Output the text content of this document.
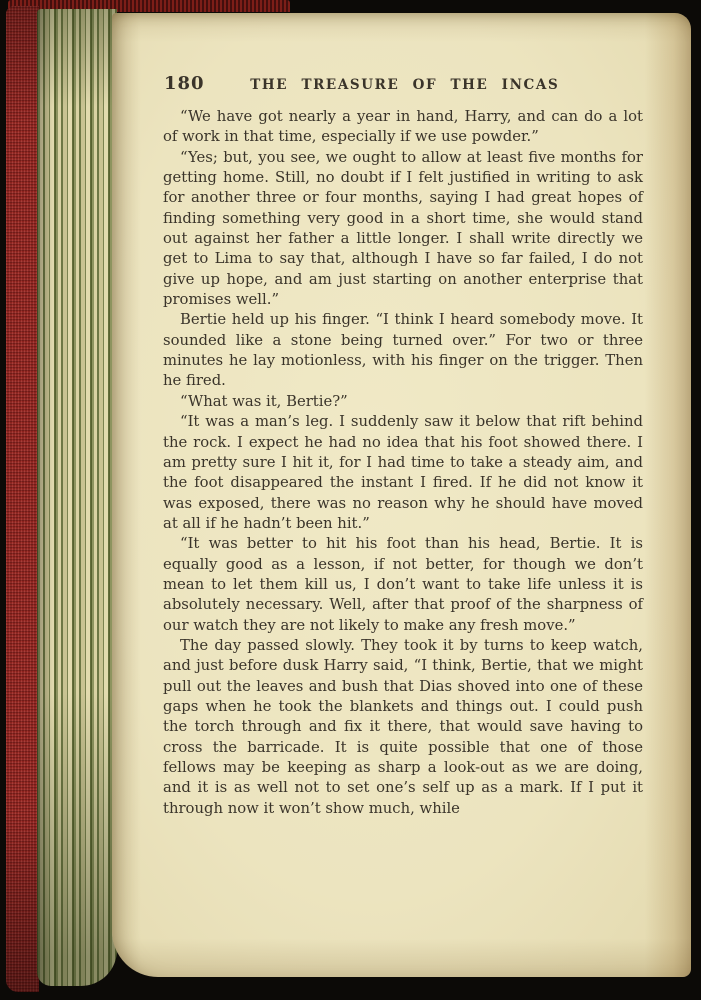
180	THE TREASURE OF THE INCAS

“We have got nearly a year in hand, Harry, and can do a lot of work in that time, especially if we use powder.”

“Yes; but, you see, we ought to allow at least five months for getting home. Still, no doubt if I felt justified in writing to ask for another three or four months, saying I had great hopes of finding something very good in a short time, she would stand out against her father a little longer. I shall write directly we get to Lima to say that, although I have so far failed, I do not give up hope, and am just starting on another enterprise that promises well.”

Bertie held up his finger. “I think I heard somebody move. It sounded like a stone being turned over.” For two or three minutes he lay motionless, with his finger on the trigger. Then he fired.

“What was it, Bertie?”

“It was a man’s leg. I suddenly saw it below that rift behind the rock. I expect he had no idea that his foot showed there. I am pretty sure I hit it, for I had time to take a steady aim, and the foot disappeared the instant I fired. If he did not know it was exposed, there was no reason why he should have moved at all if he hadn’t been hit.”

“It was better to hit his foot than his head, Bertie. It is equally good as a lesson, if not better, for though we don’t mean to let them kill us, I don’t want to take life unless it is absolutely necessary. Well, after that proof of the sharpness of our watch they are not likely to make any fresh move.”

The day passed slowly. They took it by turns to keep watch, and just before dusk Harry said, “I think, Bertie, that we might pull out the leaves and bush that Dias shoved into one of these gaps when he took the blankets and things out. I could push the torch through and fix it there, that would save having to cross the barricade. It is quite possible that one of those fellows may be keeping as sharp a look-out as we are doing, and it is as well not to set one’s self up as a mark. If I put it through now it won’t show much, while
